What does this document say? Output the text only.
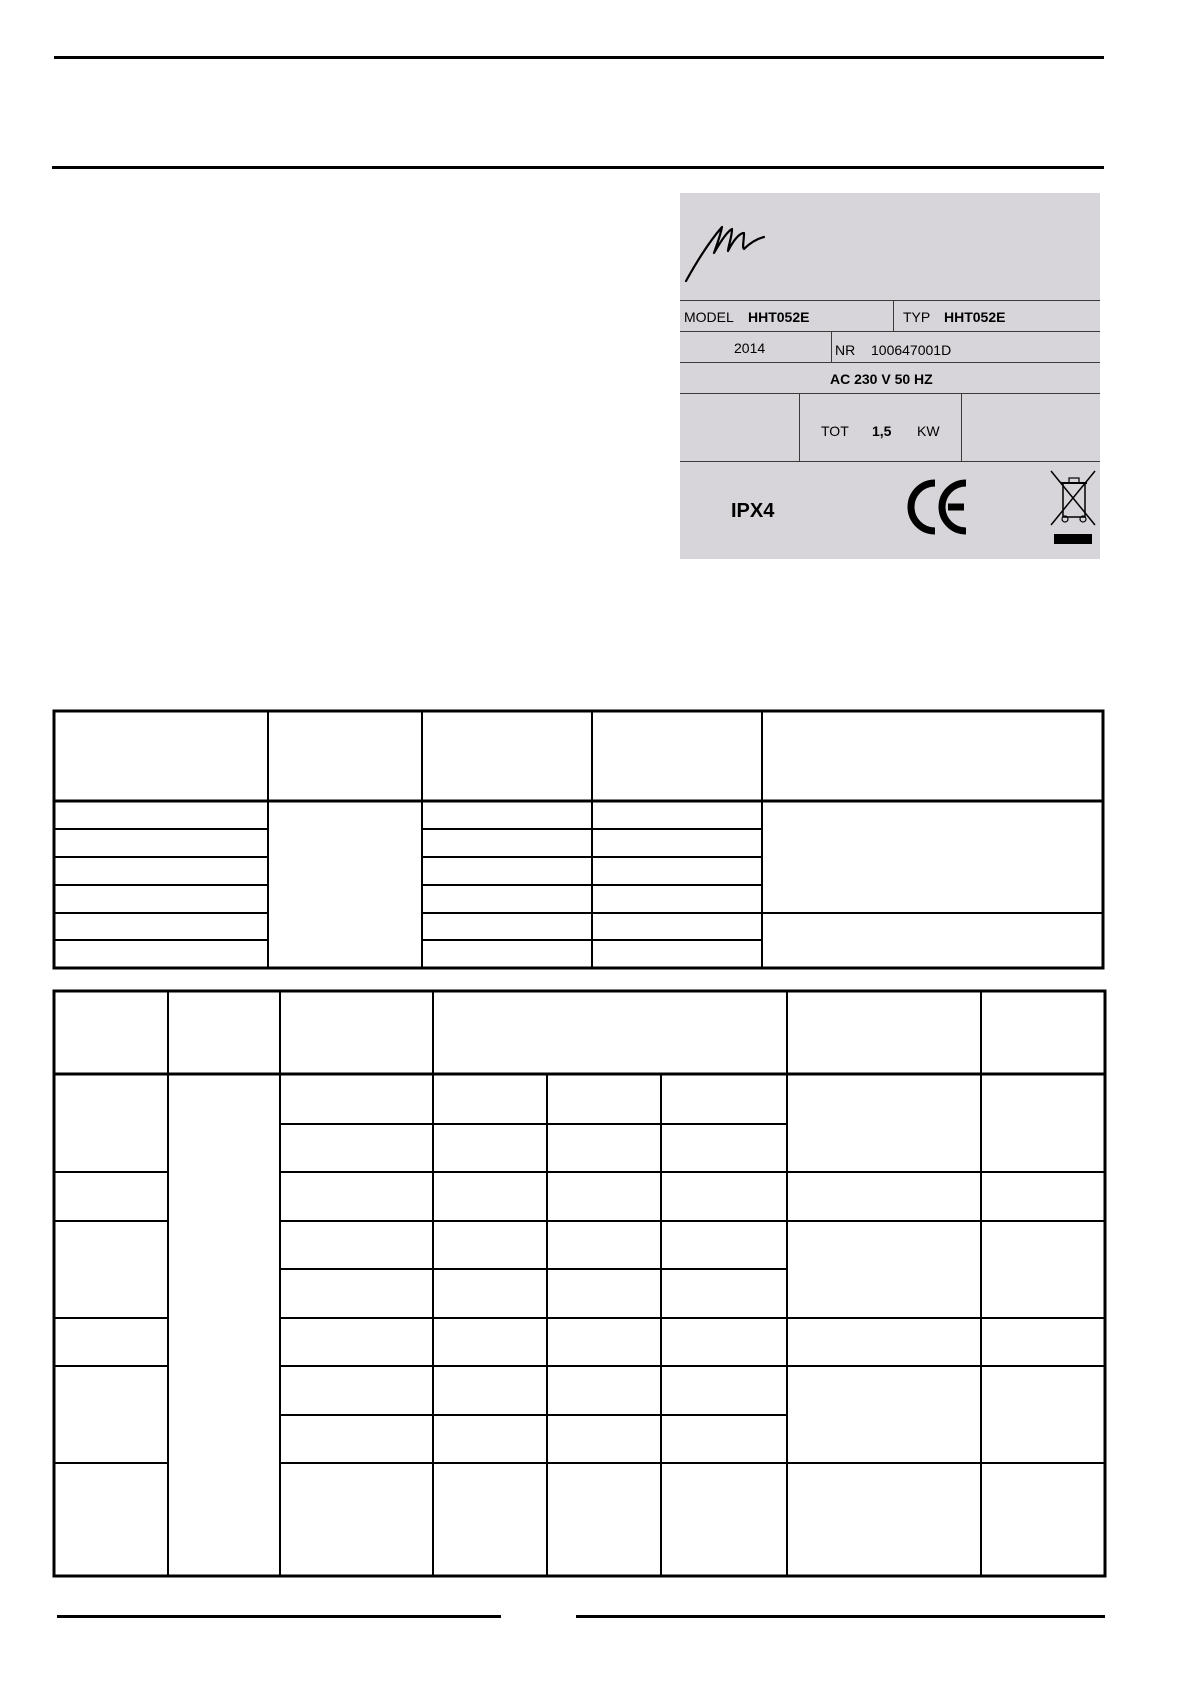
MODEL HHT052E	TYP HHT052E
2014	NR 100647001D
AC 230 V 50 HZ
TOT 1,5 KW
IPX4
